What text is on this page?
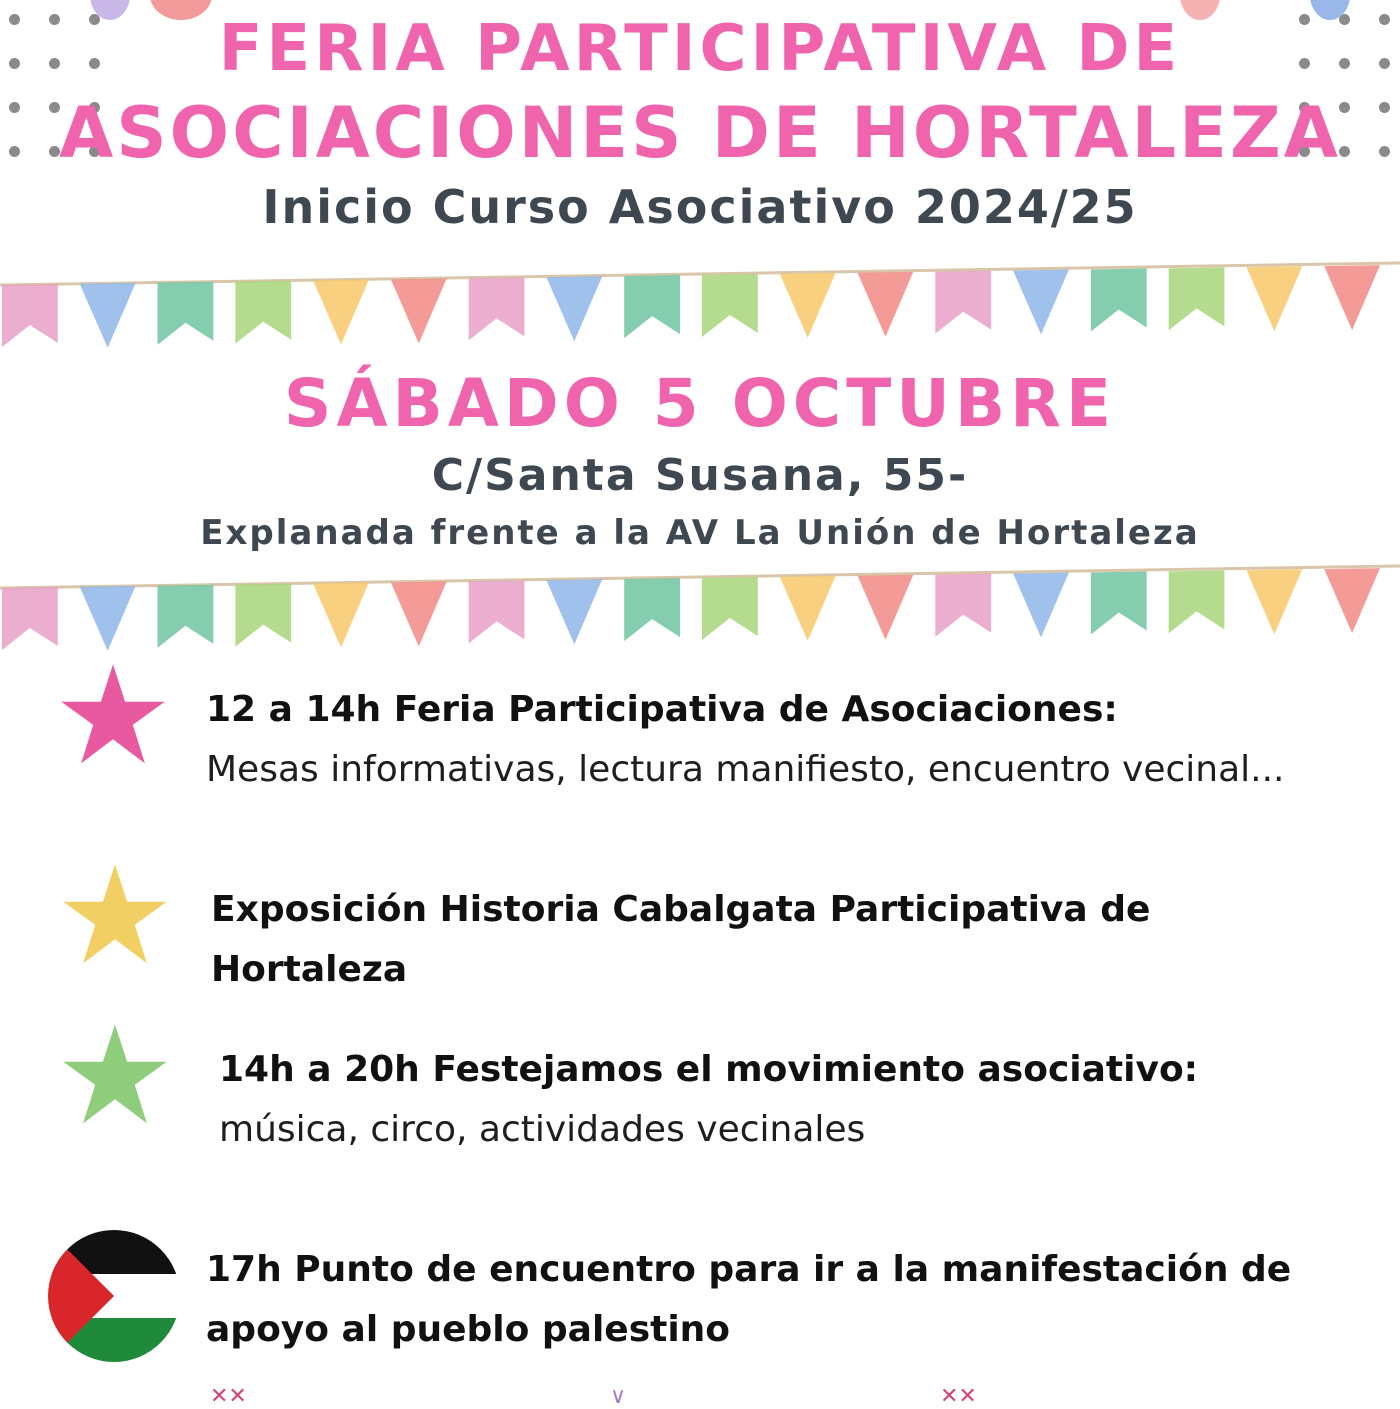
FERIA PARTICIPATIVA DE
ASOCIACIONES DE HORTALEZA
Inicio Curso Asociativo 2024/25
SÁBADO 5 OCTUBRE
C/Santa Susana, 55-
Explanada frente a la AV La Unión de Hortaleza
12 a 14h Feria Participativa de Asociaciones:
Mesas informativas, lectura manifiesto, encuentro vecinal...
Exposición Historia Cabalgata Participativa de Hortaleza
14h a 20h Festejamos el movimiento asociativo:
música, circo, actividades vecinales
17h Punto de encuentro para ir a la manifestación de apoyo al pueblo palestino
✕✕	∨	✕✕
